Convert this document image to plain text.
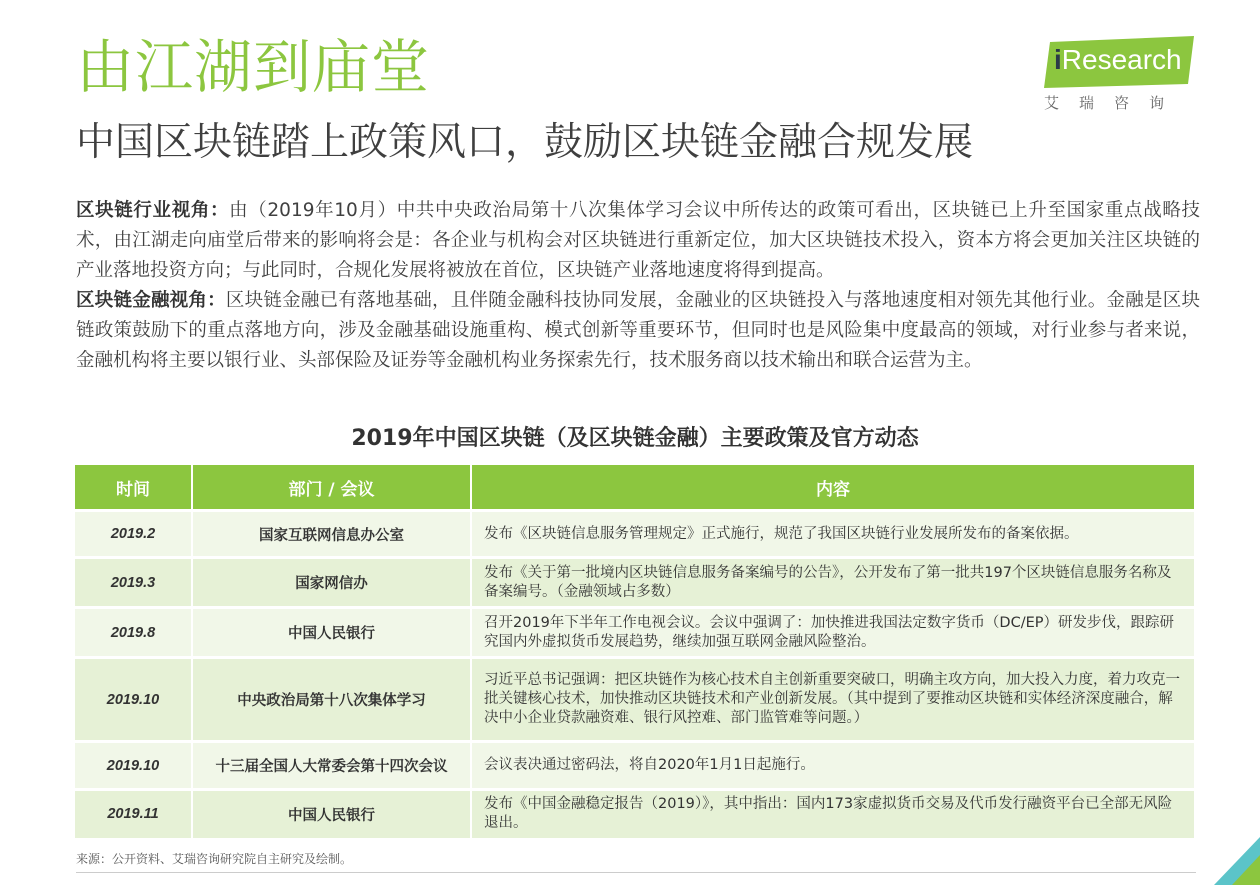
由江湖到庙堂
中国区块链踏上政策风口，鼓励区块链金融合规发展
iResearch
艾瑞咨询

区块链行业视角：由（2019年10月）中共中央政治局第十八次集体学习会议中所传达的政策可看出，区块链已上升至国家重点战略技术，由江湖走向庙堂后带来的影响将会是：各企业与机构会对区块链进行重新定位，加大区块链技术投入，资本方将会更加关注区块链的产业落地投资方向；与此同时，合规化发展将被放在首位，区块链产业落地速度将得到提高。

区块链金融视角：区块链金融已有落地基础，且伴随金融科技协同发展，金融业的区块链投入与落地速度相对领先其他行业。金融是区块链政策鼓励下的重点落地方向，涉及金融基础设施重构、模式创新等重要环节，但同时也是风险集中度最高的领域，对行业参与者来说，金融机构将主要以银行业、头部保险及证券等金融机构业务探索先行，技术服务商以技术输出和联合运营为主。

2019年中国区块链（及区块链金融）主要政策及官方动态
时间	部门 / 会议	内容
2019.2	国家互联网信息办公室	发布《区块链信息服务管理规定》正式施行，规范了我国区块链行业发展所发布的备案依据。
2019.3	国家网信办	发布《关于第一批境内区块链信息服务备案编号的公告》，公开发布了第一批共197个区块链信息服务名称及备案编号。（金融领域占多数）
2019.8	中国人民银行	召开2019年下半年工作电视会议。会议中强调了：加快推进我国法定数字货币（DC/EP）研发步伐，跟踪研究国内外虚拟货币发展趋势，继续加强互联网金融风险整治。
2019.10	中央政治局第十八次集体学习	习近平总书记强调：把区块链作为核心技术自主创新重要突破口，明确主攻方向，加大投入力度，着力攻克一批关键核心技术，加快推动区块链技术和产业创新发展。（其中提到了要推动区块链和实体经济深度融合，解决中小企业贷款融资难、银行风控难、部门监管难等问题。）
2019.10	十三届全国人大常委会第十四次会议	会议表决通过密码法，将自2020年1月1日起施行。
2019.11	中国人民银行	发布《中国金融稳定报告（2019）》，其中指出：国内173家虚拟货币交易及代币发行融资平台已全部无风险退出。
来源：公开资料、艾瑞咨询研究院自主研究及绘制。
